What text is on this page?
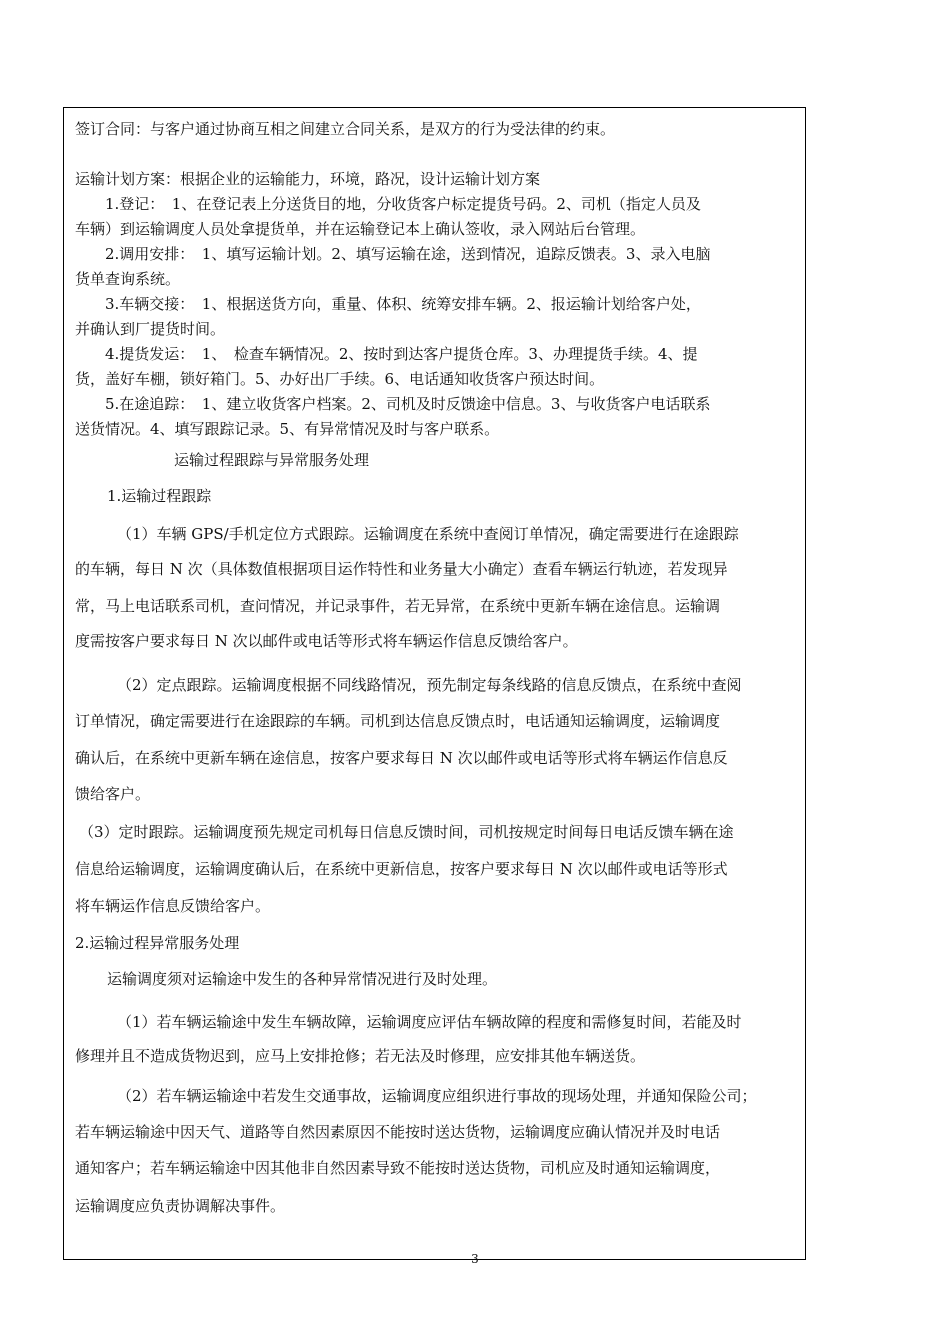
签订合同：与客户通过协商互相之间建立合同关系，是双方的行为受法律的约束。
运输计划方案：根据企业的运输能力，环境，路况，设计运输计划方案
　　1.登记：　1、在登记表上分送货目的地，分收货客户标定提货号码。2、司机（指定人员及
车辆）到运输调度人员处拿提货单，并在运输登记本上确认签收，录入网站后台管理。
　　2.调用安排：　1、填写运输计划。2、填写运输在途，送到情况，追踪反馈表。3、录入电脑
货单查询系统。
　　3.车辆交接：　1、根据送货方向，重量、体积、统筹安排车辆。2、报运输计划给客户处，
并确认到厂提货时间。
　　4.提货发运：　1、　检查车辆情况。2、按时到达客户提货仓库。3、办理提货手续。4、提
货，盖好车棚，锁好箱门。5、办好出厂手续。6、电话通知收货客户预达时间。
　　5.在途追踪：　1、建立收货客户档案。2、司机及时反馈途中信息。3、与收货客户电话联系
送货情况。4、填写跟踪记录。5、有异常情况及时与客户联系。
运输过程跟踪与异常服务处理
1.运输过程跟踪
（1）车辆 GPS/手机定位方式跟踪。运输调度在系统中查阅订单情况，确定需要进行在途跟踪
的车辆，每日 N 次（具体数值根据项目运作特性和业务量大小确定）查看车辆运行轨迹，若发现异
常，马上电话联系司机，查问情况，并记录事件，若无异常，在系统中更新车辆在途信息。运输调
度需按客户要求每日 N 次以邮件或电话等形式将车辆运作信息反馈给客户。
（2）定点跟踪。运输调度根据不同线路情况，预先制定每条线路的信息反馈点，在系统中查阅
订单情况，确定需要进行在途跟踪的车辆。司机到达信息反馈点时，电话通知运输调度，运输调度
确认后，在系统中更新车辆在途信息，按客户要求每日 N 次以邮件或电话等形式将车辆运作信息反
馈给客户。
（3）定时跟踪。运输调度预先规定司机每日信息反馈时间，司机按规定时间每日电话反馈车辆在途
信息给运输调度，运输调度确认后，在系统中更新信息，按客户要求每日 N 次以邮件或电话等形式
将车辆运作信息反馈给客户。
2.运输过程异常服务处理
运输调度须对运输途中发生的各种异常情况进行及时处理。
（1）若车辆运输途中发生车辆故障，运输调度应评估车辆故障的程度和需修复时间，若能及时
修理并且不造成货物迟到，应马上安排抢修；若无法及时修理，应安排其他车辆送货。
（2）若车辆运输途中若发生交通事故，运输调度应组织进行事故的现场处理，并通知保险公司；
若车辆运输途中因天气、道路等自然因素原因不能按时送达货物，运输调度应确认情况并及时电话
通知客户；若车辆运输途中因其他非自然因素导致不能按时送达货物，司机应及时通知运输调度，
运输调度应负责协调解决事件。
3
